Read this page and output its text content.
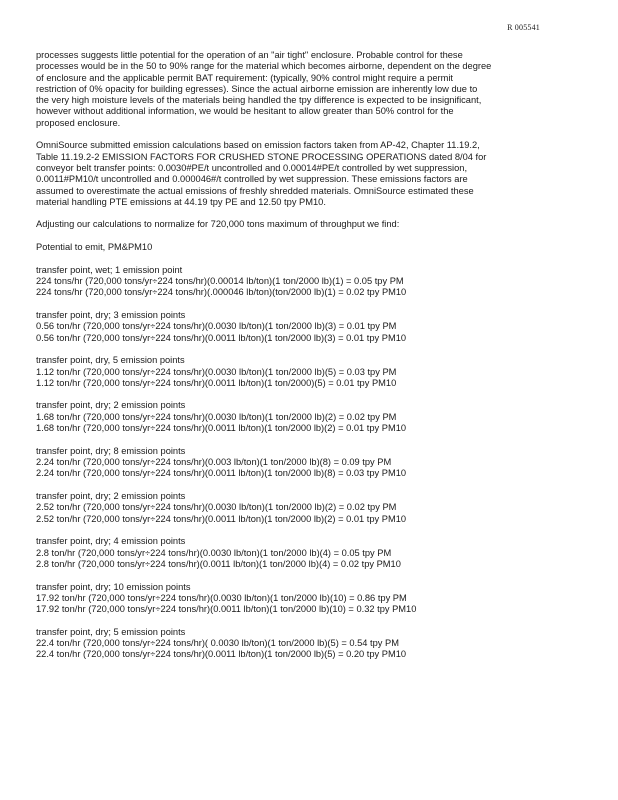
R 005541
processes suggests little potential for the operation of an "air tight" enclosure. Probable control for these
processes would be in the 50 to 90% range for the material which becomes airborne, dependent on the degree
of enclosure and the applicable permit BAT requirement: (typically, 90% control might require a permit
restriction of 0% opacity for building egresses). Since the actual airborne emission are inherently low due to
the very high moisture levels of the materials being handled the tpy difference is expected to be insignificant,
however without additional information, we would be hesitant to allow greater than 50% control for the
proposed enclosure.
OmniSource submitted emission calculations based on emission factors taken from AP-42, Chapter 11.19.2,
Table 11.19.2-2 EMISSION FACTORS FOR CRUSHED STONE PROCESSING OPERATIONS dated 8/04 for
conveyor belt transfer points: 0.0030#PE/t uncontrolled and 0.00014#PE/t controlled by wet suppression,
0.0011#PM10/t uncontrolled and 0.000046#/t controlled by wet suppression. These emissions factors are
assumed to overestimate the actual emissions of freshly shredded materials. OmniSource estimated these
material handling PTE emissions at 44.19 tpy PE and 12.50 tpy PM10.
Adjusting our calculations to normalize for 720,000 tons maximum of throughput we find:
Potential to emit, PM&PM10
transfer point, wet; 1 emission point
224 tons/hr (720,000 tons/yr÷224 tons/hr)(0.00014 lb/ton)(1 ton/2000 lb)(1) = 0.05 tpy PM
224 tons/hr (720,000 tons/yr÷224 tons/hr)(.000046 lb/ton)(ton/2000 lb)(1) = 0.02 tpy PM10
transfer point, dry; 3 emission points
0.56 ton/hr (720,000 tons/yr÷224 tons/hr)(0.0030 lb/ton)(1 ton/2000 lb)(3) = 0.01 tpy PM
0.56 ton/hr (720,000 tons/yr÷224 tons/hr)(0.0011 lb/ton)(1 ton/2000 lb)(3) = 0.01 tpy PM10
transfer point, dry, 5 emission points
1.12 ton/hr (720,000 tons/yr÷224 tons/hr)(0.0030 lb/ton)(1 ton/2000 lb)(5) = 0.03 tpy PM
1.12 ton/hr (720,000 tons/yr÷224 tons/hr)(0.0011 lb/ton)(1 ton/2000)(5) = 0.01 tpy PM10
transfer point, dry; 2 emission points
1.68 ton/hr (720,000 tons/yr÷224 tons/hr)(0.0030 lb/ton)(1 ton/2000 lb)(2) = 0.02 tpy PM
1.68 ton/hr (720,000 tons/yr÷224 tons/hr)(0.0011 lb/ton)(1 ton/2000 lb)(2) = 0.01 tpy PM10
transfer point, dry; 8 emission points
2.24 ton/hr (720,000 tons/yr÷224 tons/hr)(0.003 lb/ton)(1 ton/2000 lb)(8) = 0.09 tpy PM
2.24 ton/hr (720,000 tons/yr÷224 tons/hr)(0.0011 lb/ton)(1 ton/2000 lb)(8) = 0.03 tpy PM10
transfer point, dry; 2 emission points
2.52 ton/hr (720,000 tons/yr÷224 tons/hr)(0.0030 lb/ton)(1 ton/2000 lb)(2) = 0.02 tpy PM
2.52 ton/hr (720,000 tons/yr÷224 tons/hr)(0.0011 lb/ton)(1 ton/2000 lb)(2) = 0.01 tpy PM10
transfer point, dry; 4 emission points
2.8 ton/hr (720,000 tons/yr÷224 tons/hr)(0.0030 lb/ton)(1 ton/2000 lb)(4) = 0.05 tpy PM
2.8 ton/hr (720,000 tons/yr÷224 tons/hr)(0.0011 lb/ton)(1 ton/2000 lb)(4) = 0.02 tpy PM10
transfer point, dry; 10 emission points
17.92 ton/hr (720,000 tons/yr÷224 tons/hr)(0.0030 lb/ton)(1 ton/2000 lb)(10) = 0.86 tpy PM
17.92 ton/hr (720,000 tons/yr÷224 tons/hr)(0.0011 lb/ton)(1 ton/2000 lb)(10) = 0.32 tpy PM10
transfer point, dry; 5 emission points
22.4 ton/hr (720,000 tons/yr÷224 tons/hr)( 0.0030 lb/ton)(1 ton/2000 lb)(5) = 0.54 tpy PM
22.4 ton/hr (720,000 tons/yr÷224 tons/hr)(0.0011 lb/ton)(1 ton/2000 lb)(5) = 0.20 tpy PM10
